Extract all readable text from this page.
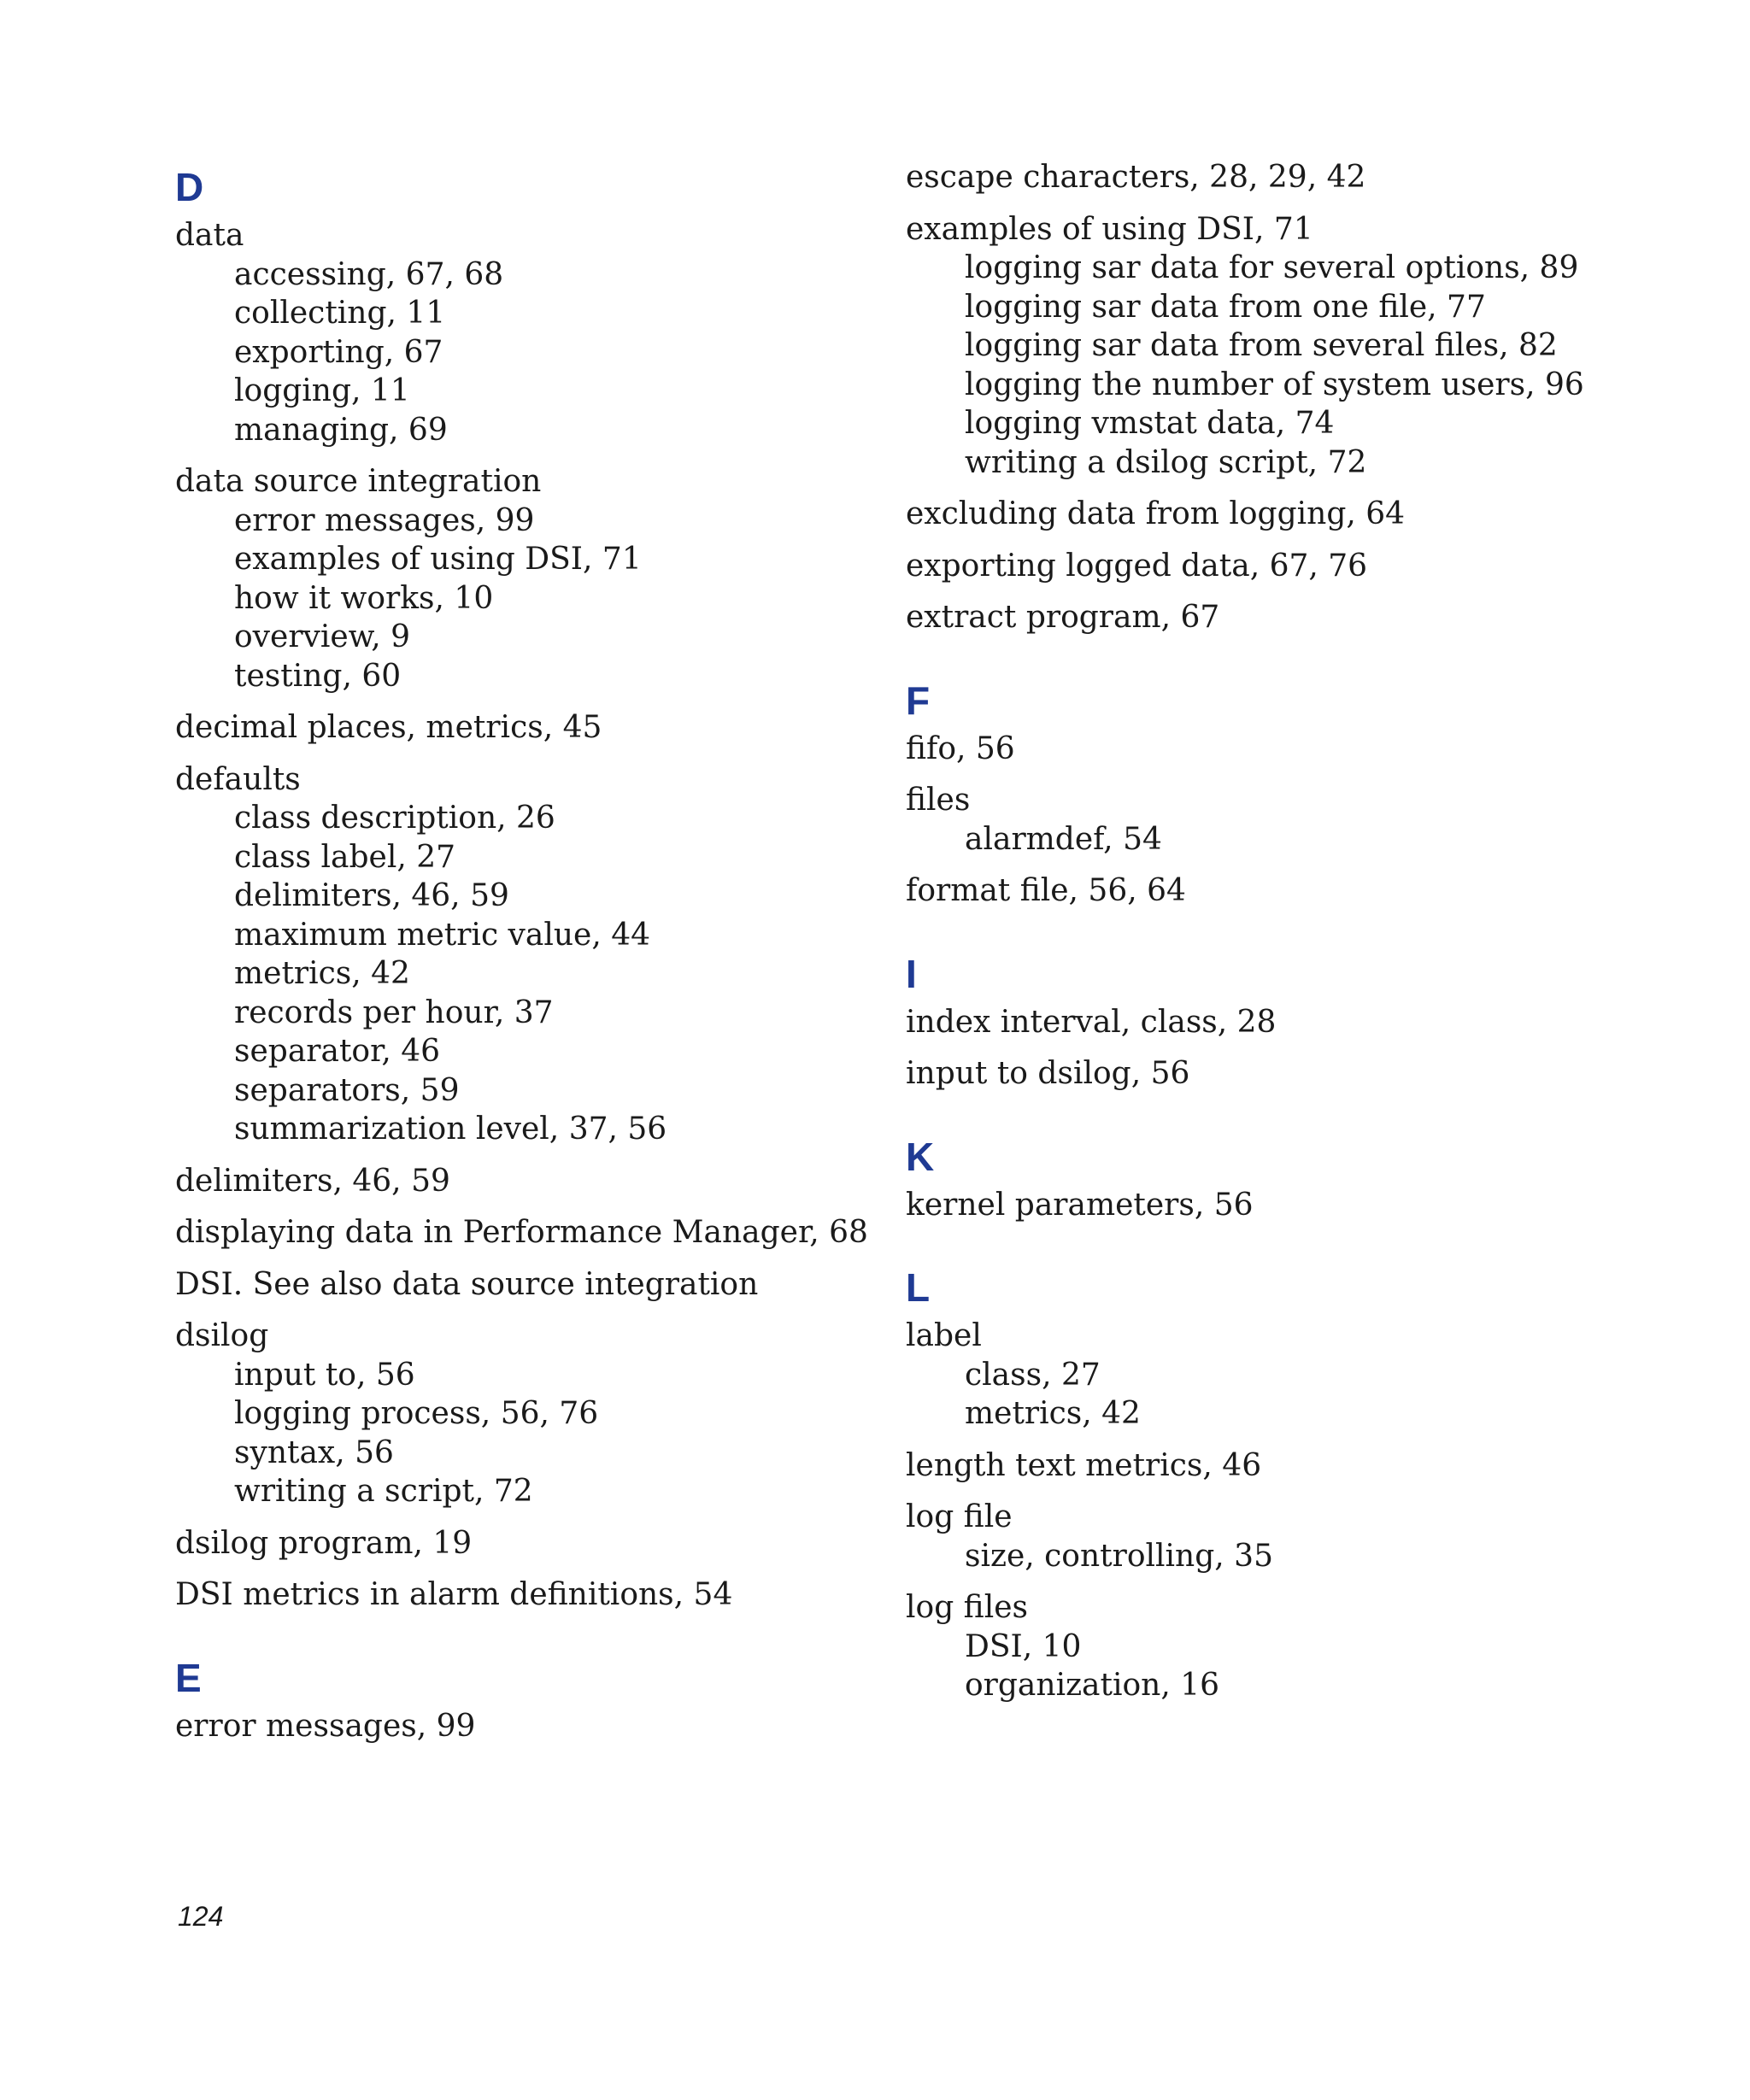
D
data
accessing, 67, 68
collecting, 11
exporting, 67
logging, 11
managing, 69
data source integration
error messages, 99
examples of using DSI, 71
how it works, 10
overview, 9
testing, 60
decimal places, metrics, 45
defaults
class description, 26
class label, 27
delimiters, 46, 59
maximum metric value, 44
metrics, 42
records per hour, 37
separator, 46
separators, 59
summarization level, 37, 56
delimiters, 46, 59
displaying data in Performance Manager, 68
DSI. See also data source integration
dsilog
input to, 56
logging process, 56, 76
syntax, 56
writing a script, 72
dsilog program, 19
DSI metrics in alarm definitions, 54
E
error messages, 99
escape characters, 28, 29, 42
examples of using DSI, 71
logging sar data for several options, 89
logging sar data from one file, 77
logging sar data from several files, 82
logging the number of system users, 96
logging vmstat data, 74
writing a dsilog script, 72
excluding data from logging, 64
exporting logged data, 67, 76
extract program, 67
F
fifo, 56
files
alarmdef, 54
format file, 56, 64
I
index interval, class, 28
input to dsilog, 56
K
kernel parameters, 56
L
label
class, 27
metrics, 42
length text metrics, 46
log file
size, controlling, 35
log files
DSI, 10
organization, 16
124
